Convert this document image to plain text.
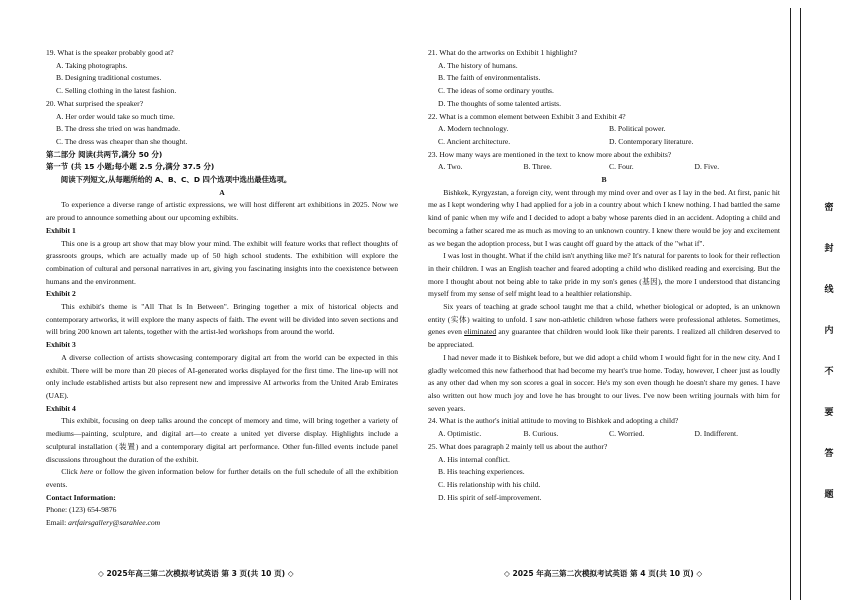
19. What is the speaker probably good at?

A. Taking photographs.

B. Designing traditional costumes.

C. Selling clothing in the latest fashion.

20. What surprised the speaker?

A. Her order would take so much time.

B. The dress she tried on was handmade.

C. The dress was cheaper than she thought.

第二部分 阅读(共两节,满分 50 分)

第一节 (共 15 小题;每小题 2.5 分,满分 37.5 分)

阅读下列短文,从每题所给的 A、B、C、D 四个选项中选出最佳选项。

A

To experience a diverse range of artistic expressions, we will host different art exhibitions in 2025. Now we are proud to announce something about our upcoming exhibits.

Exhibit 1

This one is a group art show that may blow your mind. The exhibit will feature works that reflect thoughts of grassroots groups, which are actually made up of 50 high school students. The exhibition will explore the combination of cultural and personal narratives in art, giving you fascinating insights into the coexistence between humans and the environment.

Exhibit 2

This exhibit's theme is "All That Is In Between". Bringing together a mix of historical objects and contemporary artworks, it will explore the many aspects of faith. The event will be divided into seven sections and will bring 200 known art talents, together with the artist-led workshops from around the world.

Exhibit 3

A diverse collection of artists showcasing contemporary digital art from the world can be expected in this exhibit. There will be more than 20 pieces of AI-generated works displayed for the first time. The line-up will not only include established artists but also represent new and impressive AI artworks from the United Arab Emirates (UAE).

Exhibit 4

This exhibit, focusing on deep talks around the concept of memory and time, will bring together a variety of mediums—painting, sculpture, and digital art—to create a united yet diverse display. Highlights include a sculptural installation (装置) and a contemporary digital art performance. Other fun-filled events include panel discussions throughout the duration of the exhibit.

Click here or follow the given information below for further details on the full schedule of all the exhibition events.

Contact Information:

Phone: (123) 654-9876

Email: artfairsgallery@sarahlee.com

21. What do the artworks on Exhibit 1 highlight?

A. The history of humans.

B. The faith of environmentalists.

C. The ideas of some ordinary youths.

D. The thoughts of some talented artists.

22. What is a common element between Exhibit 3 and Exhibit 4?

A. Modern technology.	B. Political power.
C. Ancient architecture.	D. Contemporary literature.

23. How many ways are mentioned in the text to know more about the exhibits?

A. Two.	B. Three.	C. Four.	D. Five.

B

Bishkek, Kyrgyzstan, a foreign city, went through my mind over and over as I lay in the bed. At first, panic hit me as I kept wondering why I had applied for a job in a country about which I knew nothing. I had battled the same kind of panic when my wife and I decided to adopt a baby whose parents died in an accident. Adopting a child and becoming a father scared me as much as moving to an unknown country. I knew there would be joy and excitement as we began the adoption process, but I was caught off guard by the attack of the "what if".

I was lost in thought. What if the child isn't anything like me? It's natural for parents to look for their reflection in their children. I was an English teacher and feared adopting a child who disliked reading and exercising. But the more I thought about not being able to take pride in my son's genes (基因), the more I understood that distancing myself from my sense of self might lead to a healthier relationship.

Six years of teaching at grade school taught me that a child, whether biological or adopted, is an unknown entity (实体) waiting to unfold. I saw non-athletic children whose fathers were professional athletes. Sometimes, genes even eliminated any guarantee that children would look like their parents. I realized all children deserved to be appreciated.

I had never made it to Bishkek before, but we did adopt a child whom I would fight for in the new city. And I gladly welcomed this new fatherhood that had become my heart's true home. Today, however, I cheer just as loudly as any other dad when my son scores a goal in soccer. He's my son even though he doesn't share my genes. I have also written out how much joy and love he has brought to our lives. I've now been writing journals with him for seven years.

24. What is the author's initial attitude to moving to Bishkek and adopting a child?

A. Optimistic.	B. Curious.	C. Worried.	D. Indifferent.

25. What does paragraph 2 mainly tell us about the author?

A. His internal conflict.

B. His teaching experiences.

C. His relationship with his child.

D. His spirit of self-improvement.

◇ 2025年高三第二次模拟考试英语 第 3 页(共 10 页) ◇	◇ 2025 年高三第二次模拟考试英语 第 4 页(共 10 页) ◇
密
封
线
内
不
要
答
题
